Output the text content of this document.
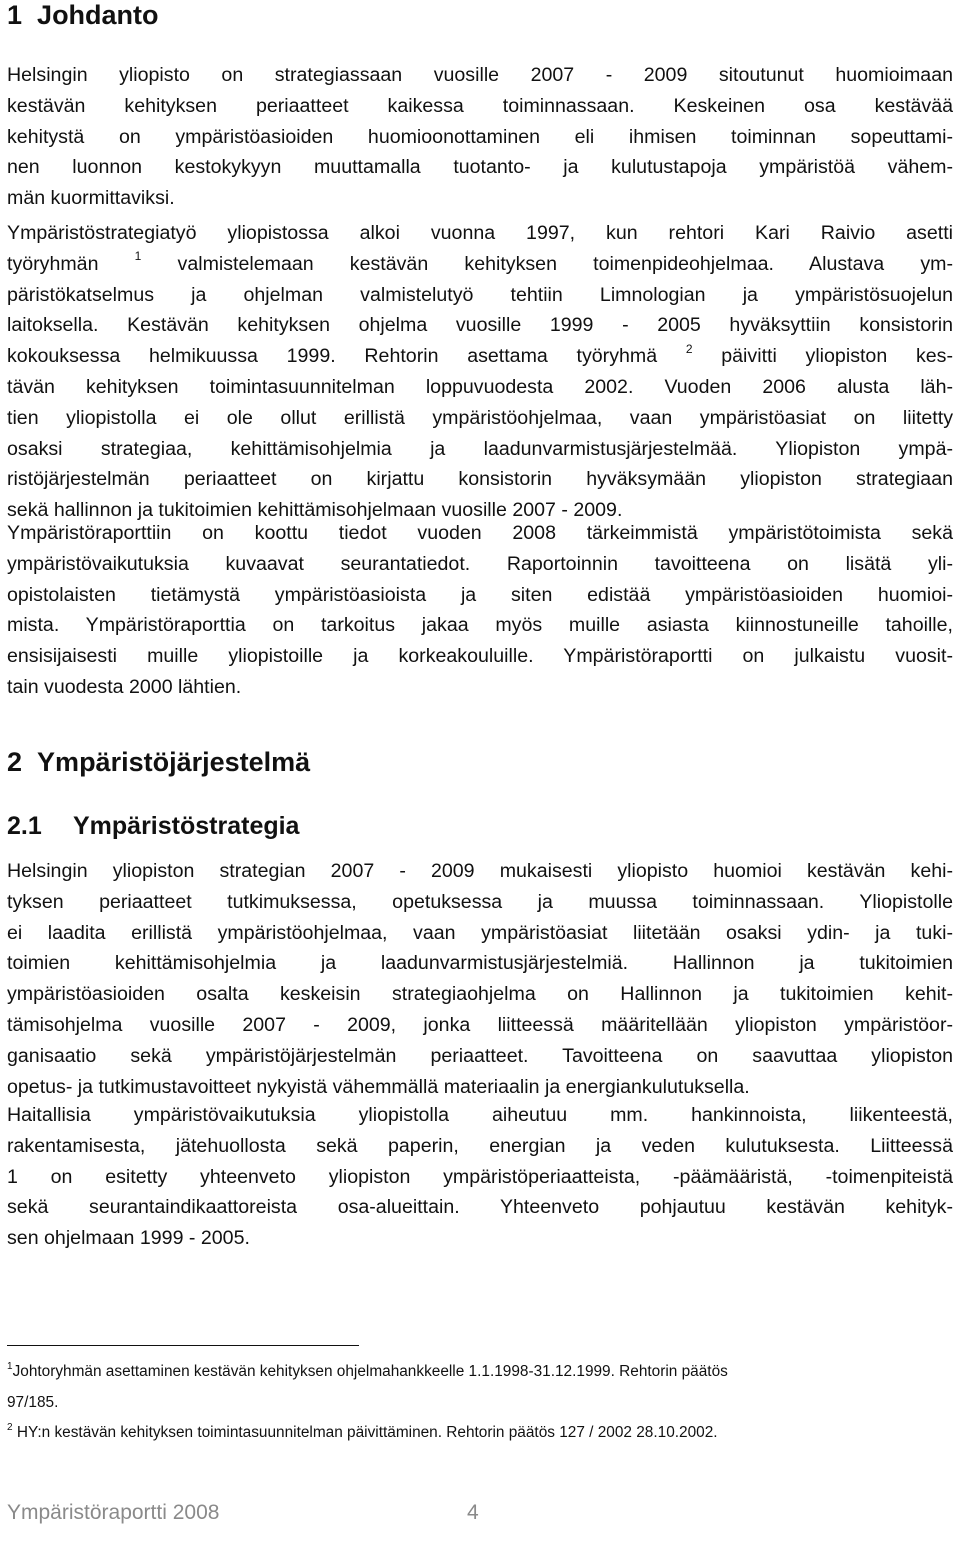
1 Johdanto
Helsingin yliopisto on strategiassaan vuosille 2007 - 2009 sitoutunut huomioimaan
kestävän kehityksen periaatteet kaikessa toiminnassaan. Keskeinen osa kestävää
kehitystä on ympäristöasioiden huomioonottaminen eli ihmisen toiminnan sopeuttami-
nen luonnon kestokykyyn muuttamalla tuotanto- ja kulutustapoja ympäristöä vähem-
män kuormittaviksi.
Ympäristöstrategiatyö yliopistossa alkoi vuonna 1997, kun rehtori Kari Raivio asetti
työryhmän	$^1$ valmistelemaan kestävän kehityksen toimenpideohjelmaa. Alustava ym-
päristökatselmus ja ohjelman valmistelutyö tehtiin Limnologian ja ympäristösuojelun
laitoksella. Kestävän kehityksen ohjelma vuosille 1999 - 2005 hyväksyttiin konsistorin
kokouksessa helmikuussa 1999. Rehtorin asettama työryhmä $^2$ päivitti yliopiston kes-
tävän kehityksen toimintasuunnitelman loppuvuodesta 2002. Vuoden 2006 alusta läh-
tien yliopistolla ei ole ollut erillistä ympäristöohjelmaa, vaan ympäristöasiat on liitetty
osaksi strategiaa, kehittämisohjelmia ja laadunvarmistusjärjestelmää. Yliopiston ympä-
ristöjärjestelmän periaatteet on kirjattu konsistorin hyväksymään yliopiston strategiaan
sekä hallinnon ja tukitoimien kehittämisohjelmaan vuosille 2007 - 2009.
Ympäristöraporttiin on koottu tiedot vuoden 2008 tärkeimmistä ympäristötoimista sekä
ympäristövaikutuksia kuvaavat seurantatiedot. Raportoinnin tavoitteena on lisätä yli-
opistolaisten tietämystä ympäristöasioista ja siten edistää ympäristöasioiden huomioi-
mista. Ympäristöraporttia on tarkoitus jakaa myös muille asiasta kiinnostuneille tahoille,
ensisijaisesti muille yliopistoille ja korkeakouluille. Ympäristöraportti on julkaistu vuosit-
tain vuodesta 2000 lähtien.
2 Ympäristöjärjestelmä
2.1 Ympäristöstrategia
Helsingin yliopiston strategian 2007 - 2009 mukaisesti yliopisto huomioi kestävän kehi-
tyksen periaatteet tutkimuksessa, opetuksessa ja muussa toiminnassaan. Yliopistolle
ei laadita erillistä ympäristöohjelmaa, vaan ympäristöasiat liitetään osaksi ydin- ja tuki-
toimien kehittämisohjelmia ja laadunvarmistusjärjestelmiä. Hallinnon ja tukitoimien
ympäristöasioiden osalta keskeisin strategiaohjelma on Hallinnon ja tukitoimien kehit-
tämisohjelma vuosille 2007 - 2009, jonka liitteessä määritellään yliopiston ympäristöor-
ganisaatio sekä ympäristöjärjestelmän periaatteet. Tavoitteena on saavuttaa yliopiston
opetus- ja tutkimustavoitteet nykyistä vähemmällä materiaalin ja energiankulutuksella.
Haitallisia ympäristövaikutuksia yliopistolla aiheutuu mm. hankinnoista, liikenteestä,
rakentamisesta, jätehuollosta sekä paperin, energian ja veden kulutuksesta. Liitteessä
1 on esitetty yhteenveto yliopiston ympäristöperiaatteista, -päämääristä, -toimenpiteistä
sekä seurantaindikaattoreista osa-alueittain. Yhteenveto pohjautuu kestävän kehityk-
sen ohjelmaan 1999 - 2005.
$^1$Johtoryhmän asettaminen kestävän kehityksen ohjelmahankkeelle 1.1.1998-31.12.1999. Rehtorin päätös
97/185.
$^2$ HY:n kestävän kehityksen toimintasuunnitelman päivittäminen. Rehtorin päätös 127 / 2002 28.10.2002.
Ympäristöraportti 2008	4
